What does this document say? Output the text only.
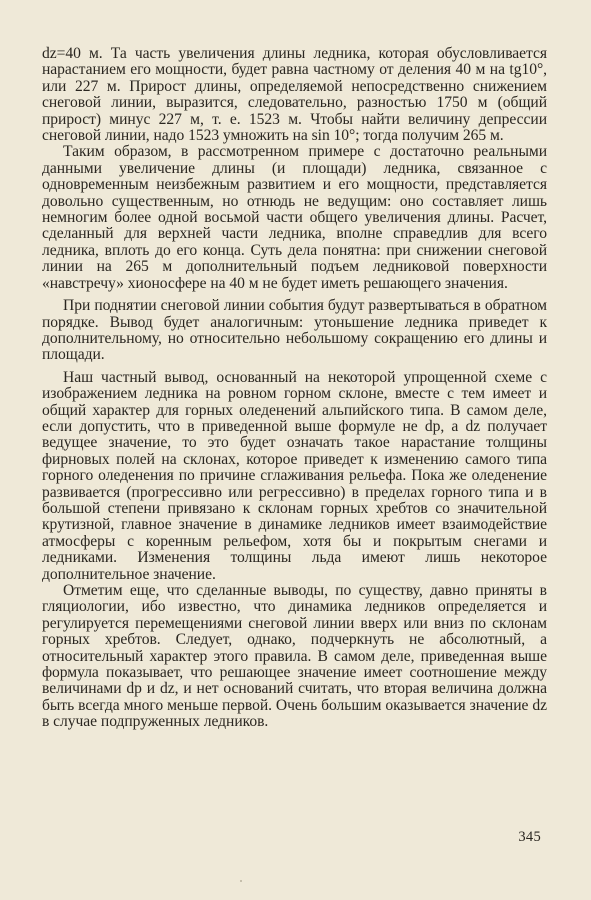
dz=40 м. Та часть увеличения длины ледника, которая обусловливается нарастанием его мощности, будет равна частному от деления 40 м на tg10°, или 227 м. Прирост длины, определяемой непосредственно снижением снеговой линии, выразится, следовательно, разностью 1750 м (общий прирост) минус 227 м, т. е. 1523 м. Чтобы найти величину депрессии снеговой линии, надо 1523 умножить на sin 10°; тогда получим 265 м.

Таким образом, в рассмотренном примере с достаточно реальными данными увеличение длины (и площади) ледника, связанное с одновременным неизбежным развитием и его мощности, представляется довольно существенным, но отнюдь не ведущим: оно составляет лишь немногим более одной восьмой части общего увеличения длины. Расчет, сделанный для верхней части ледника, вполне справедлив для всего ледника, вплоть до его конца. Суть дела понятна: при снижении снеговой линии на 265 м дополнительный подъем ледниковой поверхности «навстречу» хионосфере на 40 м не будет иметь решающего значения.

При поднятии снеговой линии события будут развертываться в обратном порядке. Вывод будет аналогичным: утоньшение ледника приведет к дополнительному, но относительно небольшому сокращению его длины и площади.

Наш частный вывод, основанный на некоторой упрощенной схеме с изображением ледника на ровном горном склоне, вместе с тем имеет и общий характер для горных оледенений альпийского типа. В самом деле, если допустить, что в приведенной выше формуле не dp, а dz получает ведущее значение, то это будет означать такое нарастание толщины фирновых полей на склонах, которое приведет к изменению самого типа горного оледенения по причине сглаживания рельефа. Пока же оледенение развивается (прогрессивно или регрессивно) в пределах горного типа и в большой степени привязано к склонам горных хребтов со значительной крутизной, главное значение в динамике ледников имеет взаимодействие атмосферы с коренным рельефом, хотя бы и покрытым снегами и ледниками. Изменения толщины льда имеют лишь некоторое дополнительное значение.

Отметим еще, что сделанные выводы, по существу, давно приняты в гляциологии, ибо известно, что динамика ледников определяется и регулируется перемещениями снеговой линии вверх или вниз по склонам горных хребтов. Следует, однако, подчеркнуть не абсолютный, а относительный характер этого правила. В самом деле, приведенная выше формула показывает, что решающее значение имеет соотношение между величинами dp и dz, и нет оснований считать, что вторая величина должна быть всегда много меньше первой. Очень большим оказывается значение dz в случае подпруженных ледников.

345
